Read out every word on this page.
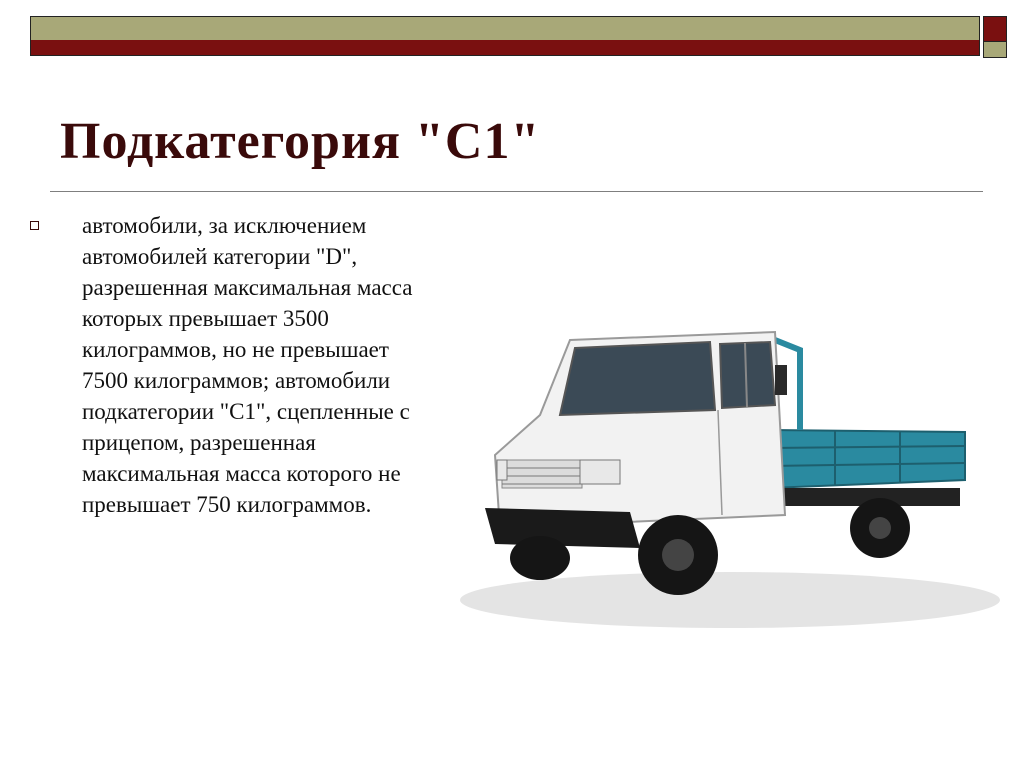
Подкатегория "С1"
автомобили, за исключением автомобилей категории "D", разрешенная максимальная масса которых превышает 3500 килограммов, но не превышает 7500 килограммов; автомобили подкатегории "С1", сцепленные с прицепом, разрешенная максимальная масса которого не превышает 750 килограммов.
